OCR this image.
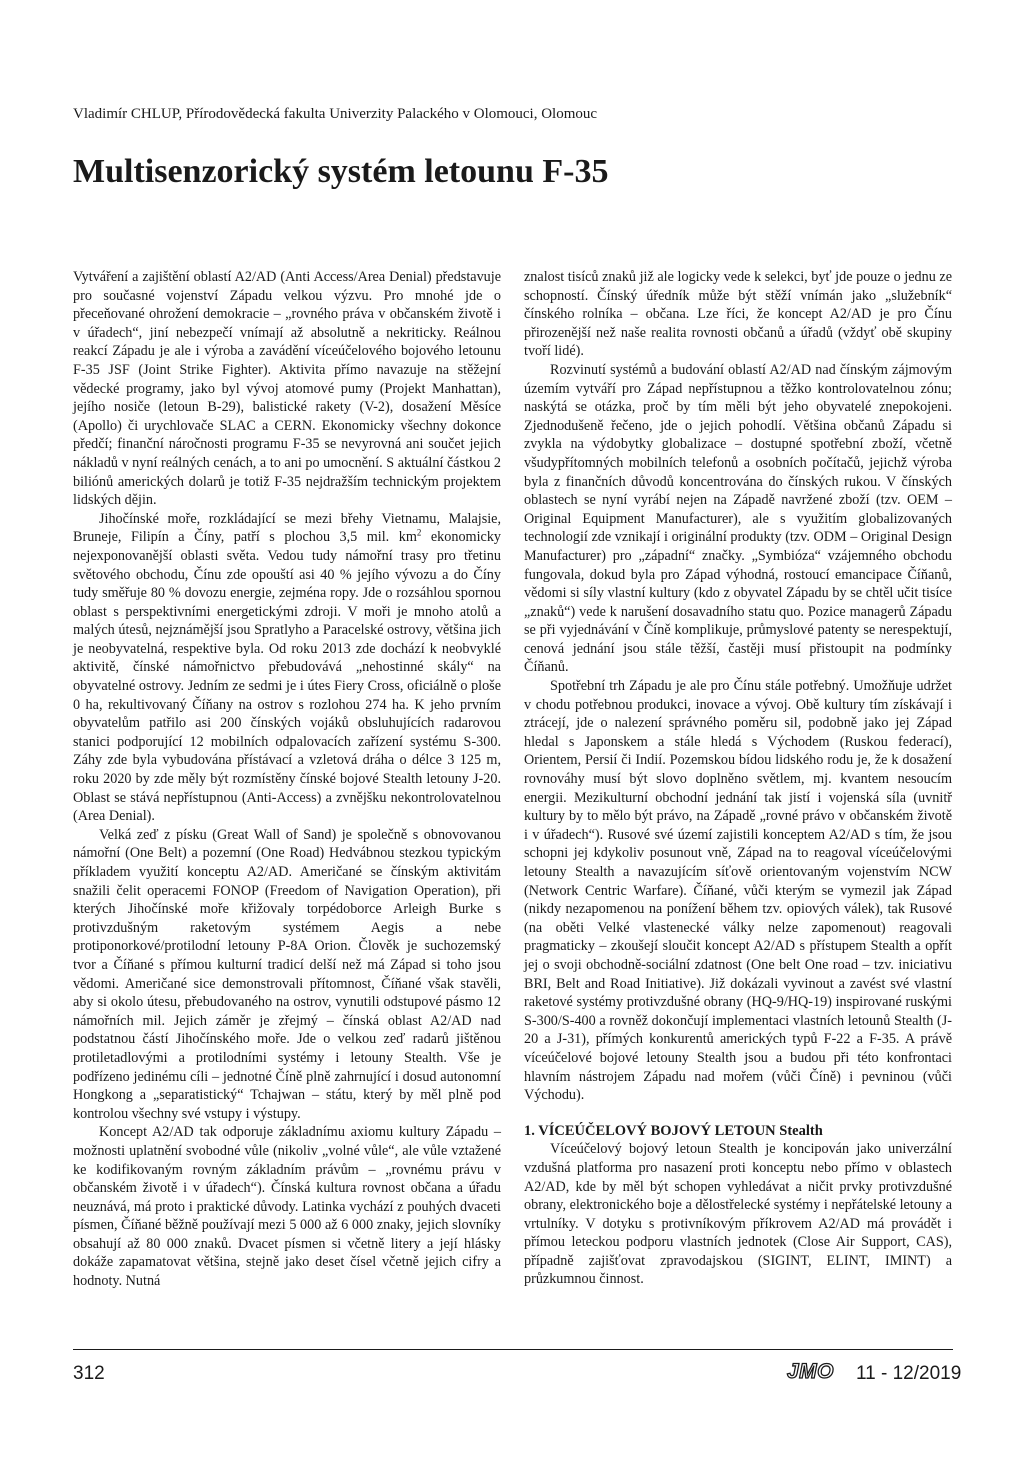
Vladimír CHLUP, Přírodovědecká fakulta Univerzity Palackého v Olomouci, Olomouc
Multisenzorický systém letounu F-35

Vytváření a zajištění oblastí A2/AD (Anti Access/Area Denial) představuje pro současné vojenství Západu velkou výzvu. Pro mnohé jde o přeceňované ohrožení demokracie – „rovného práva v občanském životě i v úřadech“, jiní nebezpečí vnímají až absolutně a nekriticky. Reálnou reakcí Západu je ale i výroba a zavádění víceúčelového bojového letounu F-35 JSF (Joint Strike Fighter). Aktivita přímo navazuje na stěžejní vědecké programy, jako byl vývoj atomové pumy (Projekt Manhattan), jejího nosiče (letoun B-29), balistické rakety (V-2), dosažení Měsíce (Apollo) či urychlovače SLAC a CERN. Ekonomicky všechny dokonce předčí; finanční náročnosti programu F-35 se nevyrovná ani součet jejich nákladů v nyní reálných cenách, a to ani po umocnění. S aktuální částkou 2 biliónů amerických dolarů je totiž F-35 nejdražším technickým projektem lidských dějin.

Jihočínské moře, rozkládající se mezi břehy Vietnamu, Malajsie, Bruneje, Filipín a Číny, patří s plochou 3,5 mil. $km^2$ ekonomicky nejexponovanější oblasti světa. Vedou tudy námořní trasy pro třetinu světového obchodu, Čínu zde opouští asi 40 % jejího vývozu a do Číny tudy směřuje 80 % dovozu energie, zejména ropy. Jde o rozsáhlou spornou oblast s perspektivními energetickými zdroji. V moři je mnoho atolů a malých útesů, nejznámější jsou Spratlyho a Paracelské ostrovy, většina jich je neobyvatelná, respektive byla. Od roku 2013 zde dochází k neobvyklé aktivitě, čínské námořnictvo přebudovává „nehostinné skály“ na obyvatelné ostrovy. Jedním ze sedmi je i útes Fiery Cross, oficiálně o ploše 0 ha, rekultivovaný Číňany na ostrov s rozlohou 274 ha. K jeho prvním obyvatelům patřilo asi 200 čínských vojáků obsluhujících radarovou stanici podporující 12 mobilních odpalovacích zařízení systému S-300. Záhy zde byla vybudována přístávací a vzletová dráha o délce 3 125 m, roku 2020 by zde měly být rozmístěny čínské bojové Stealth letouny J-20. Oblast se stává nepřístupnou (Anti-Access) a zvnějšku nekontrolovatelnou (Area Denial).

Velká zeď z písku (Great Wall of Sand) je společně s obnovovanou námořní (One Belt) a pozemní (One Road) Hedvábnou stezkou typickým příkladem využití konceptu A2/AD. Američané se čínským aktivitám snažili čelit operacemi FONOP (Freedom of Navigation Operation), při kterých Jihočínské moře křižovaly torpédoborce Arleigh Burke s protivzdušným raketovým systémem Aegis a nebe protiponorkové/protilodní letouny P-8A Orion. Člověk je suchozemský tvor a Číňané s přímou kulturní tradicí delší než má Západ si toho jsou vědomi. Američané sice demonstrovali přítomnost, Číňané však stavěli, aby si okolo útesu, přebudovaného na ostrov, vynutili odstupové pásmo 12 námořních mil. Jejich záměr je zřejmý – čínská oblast A2/AD nad podstatnou částí Jihočínského moře. Jde o velkou zeď radarů jištěnou protiletadlovými a protilodními systémy i letouny Stealth. Vše je podřízeno jedinému cíli – jednotné Číně plně zahrnující i dosud autonomní Hongkong a „separatistický“ Tchajwan – státu, který by měl plně pod kontrolou všechny své vstupy i výstupy.

Koncept A2/AD tak odporuje základnímu axiomu kultury Západu – možnosti uplatnění svobodné vůle (nikoliv „volné vůle“, ale vůle vztažené ke kodifikovaným rovným základním právům – „rovnému právu v občanském životě i v úřadech“). Čínská kultura rovnost občana a úřadu neuznává, má proto i praktické důvody. Latinka vychází z pouhých dvaceti písmen, Číňané běžně používají mezi 5 000 až 6 000 znaky, jejich slovníky obsahují až 80 000 znaků. Dvacet písmen si včetně litery a její hlásky dokáže zapamatovat většina, stejně jako deset čísel včetně jejich cifry a hodnoty. Nutná

znalost tisíců znaků již ale logicky vede k selekci, byť jde pouze o jednu ze schopností. Čínský úředník může být stěží vnímán jako „služebník“ čínského rolníka – občana. Lze říci, že koncept A2/AD je pro Čínu přirozenější než naše realita rovnosti občanů a úřadů (vždyť obě skupiny tvoří lidé).

Rozvinutí systémů a budování oblastí A2/AD nad čínským zájmovým územím vytváří pro Západ nepřístupnou a těžko kontrolovatelnou zónu; naskýtá se otázka, proč by tím měli být jeho obyvatelé znepokojeni. Zjednodušeně řečeno, jde o jejich pohodlí. Většina občanů Západu si zvykla na výdobytky globalizace – dostupné spotřební zboží, včetně všudypřítomných mobilních telefonů a osobních počítačů, jejichž výroba byla z finančních důvodů koncentrována do čínských rukou. V čínských oblastech se nyní vyrábí nejen na Západě navržené zboží (tzv. OEM – Original Equipment Manufacturer), ale s využitím globalizovaných technologií zde vznikají i originální produkty (tzv. ODM – Original Design Manufacturer) pro „západní“ značky. „Symbióza“ vzájemného obchodu fungovala, dokud byla pro Západ výhodná, rostoucí emancipace Číňanů, vědomi si síly vlastní kultury (kdo z obyvatel Západu by se chtěl učit tisíce „znaků“) vede k narušení dosavadního statu quo. Pozice managerů Západu se při vyjednávání v Číně komplikuje, průmyslové patenty se nerespektují, cenová jednání jsou stále těžší, častěji musí přistoupit na podmínky Číňanů.

Spotřební trh Západu je ale pro Čínu stále potřebný. Umožňuje udržet v chodu potřebnou produkci, inovace a vývoj. Obě kultury tím získávají i ztrácejí, jde o nalezení správného poměru sil, podobně jako jej Západ hledal s Japonskem a stále hledá s Východem (Ruskou federací), Orientem, Persií či Indií. Pozemskou bídou lidského rodu je, že k dosažení rovnováhy musí být slovo doplněno světlem, mj. kvantem nesoucím energii. Mezikulturní obchodní jednání tak jistí i vojenská síla (uvnitř kultury by to mělo být právo, na Západě „rovné právo v občanském životě i v úřadech“). Rusové své území zajistili konceptem A2/AD s tím, že jsou schopni jej kdykoliv posunout vně, Západ na to reagoval víceúčelovými letouny Stealth a navazujícím síťově orientovaným vojenstvím NCW (Network Centric Warfare). Číňané, vůči kterým se vymezil jak Západ (nikdy nezapomenou na ponížení během tzv. opiových válek), tak Rusové (na oběti Velké vlastenecké války nelze zapomenout) reagovali pragmaticky – zkoušejí sloučit koncept A2/AD s přístupem Stealth a opřít jej o svoji obchodně-sociální zdatnost (One belt One road – tzv. iniciativu BRI, Belt and Road Initiative). Již dokázali vyvinout a zavést své vlastní raketové systémy protivzdušné obrany (HQ-9/HQ-19) inspirované ruskými S-300/S-400 a rovněž dokončují implementaci vlastních letounů Stealth (J-20 a J-31), přímých konkurentů amerických typů F-22 a F-35. A právě víceúčelové bojové letouny Stealth jsou a budou při této konfrontaci hlavním nástrojem Západu nad mořem (vůči Číně) i pevninou (vůči Východu).

1. VÍCEÚČELOVÝ BOJOVÝ LETOUN Stealth

Víceúčelový bojový letoun Stealth je koncipován jako univerzální vzdušná platforma pro nasazení proti konceptu nebo přímo v oblastech A2/AD, kde by měl být schopen vyhledávat a ničit prvky protivzdušné obrany, elektronického boje a dělostřelecké systémy i nepřátelské letouny a vrtulníky. V dotyku s protivníkovým příkrovem A2/AD má provádět i přímou leteckou podporu vlastních jednotek (Close Air Support, CAS), případně zajišťovat zpravodajskou (SIGINT, ELINT, IMINT) a průzkumnou činnost.

312	JMO 11 - 12/2019
